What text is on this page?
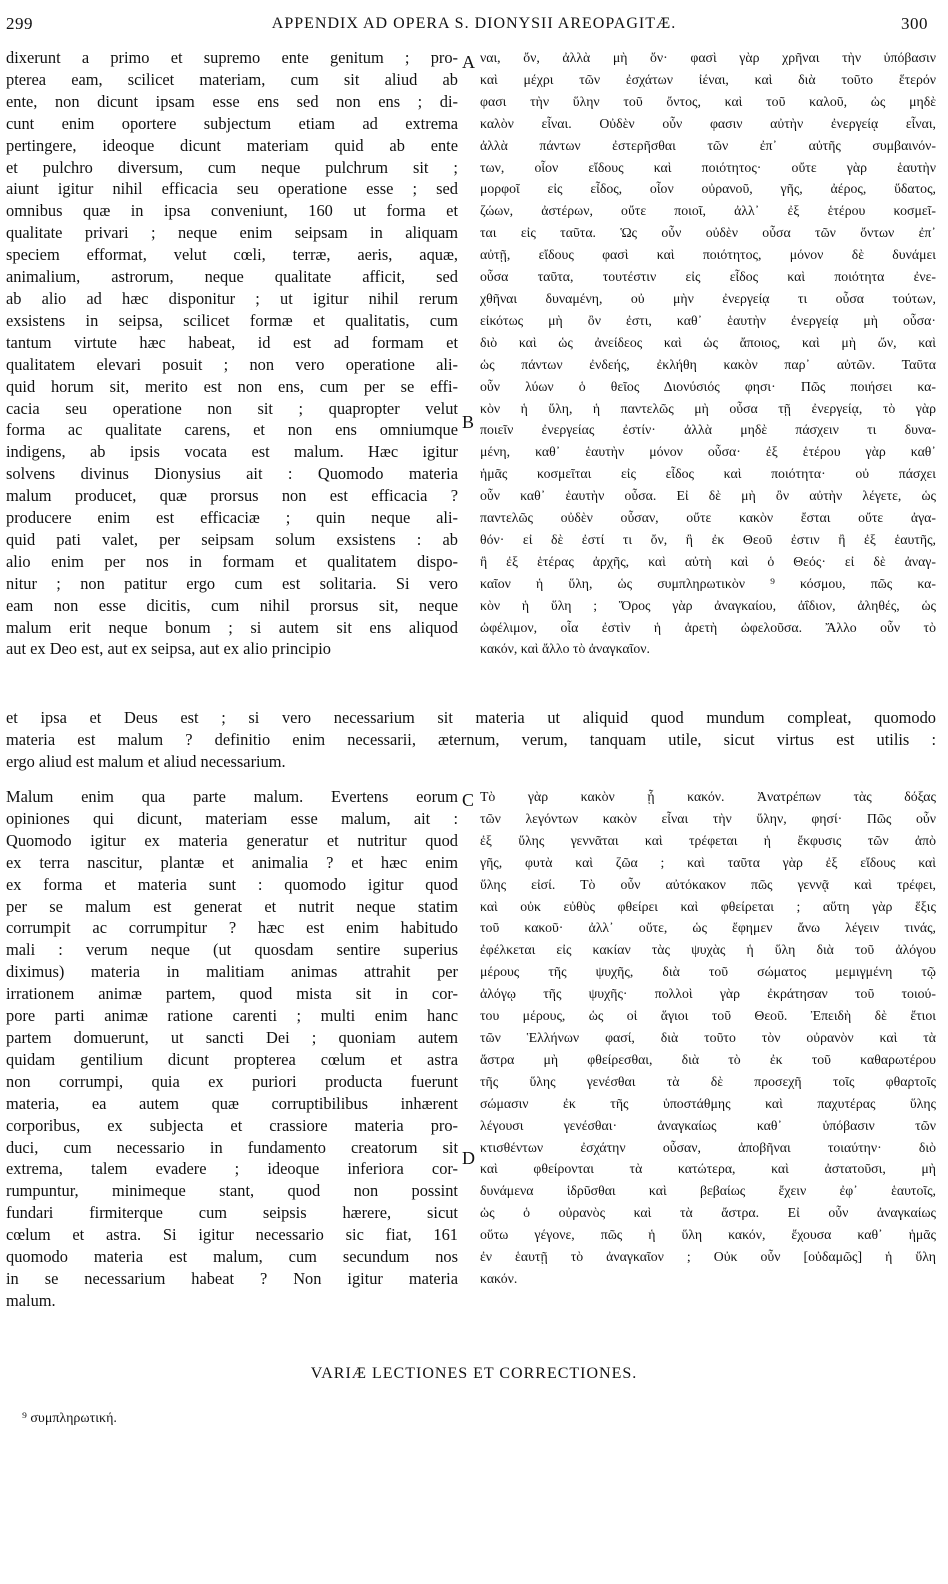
299	APPENDIX AD OPERA S. DIONYSII AREOPAGITÆ.	300
dixerunt a primo et supremo ente genitum ; pro-
pterea eam, scilicet materiam, cum sit aliud ab
ente, non dicunt ipsam esse ens sed non ens ; di-
cunt enim oportere subjectum etiam ad extrema
pertingere, ideoque dicunt materiam quid ab ente
et pulchro diversum, cum neque pulchrum sit ;
aiunt igitur nihil efficacia seu operatione esse ; sed
omnibus quæ in ipsa conveniunt, 160 ut forma et
qualitate privari ; neque enim seipsam in aliquam
speciem efformat, velut cœli, terræ, aeris, aquæ,
animalium, astrorum, neque qualitate afficit, sed
ab alio ad hæc disponitur ; ut igitur nihil rerum
exsistens in seipsa, scilicet formæ et qualitatis, cum
tantum virtute hæc habeat, id est ad formam et
qualitatem elevari posuit ; non vero operatione ali-
quid horum sit, merito est non ens, cum per se effi-
cacia seu operatione non sit ; quapropter velut
forma ac qualitate carens, et non ens omniumque
indigens, ab ipsis vocata est malum. Hæc igitur
solvens divinus Dionysius ait : Quomodo materia
malum producet, quæ prorsus non est efficacia ?
producere enim est efficaciæ ; quin neque ali-
quid pati valet, per seipsam solum exsistens : ab
alio enim per nos in formam et qualitatem dispo-
nitur ; non patitur ergo cum est solitaria. Si vero
eam non esse dicitis, cum nihil prorsus sit, neque
malum erit neque bonum ; si autem sit ens aliquod
aut ex Deo est, aut ex seipsa, aut ex alio principio
ναι, ὄν, ἀλλὰ μὴ ὄν· φασὶ γὰρ χρῆναι τὴν ὑπόβασιν
καὶ μέχρι τῶν ἐσχάτων ἰέναι, καὶ διὰ τοῦτο ἕτερόν
φασι τὴν ὕλην τοῦ ὄντος, καὶ τοῦ καλοῦ, ὡς μηδὲ
καλὸν εἶναι. Οὐδὲν οὖν φασιν αὐτὴν ἐνεργείᾳ εἶναι,
ἀλλὰ πάντων ἐστερῆσθαι τῶν ἐπ᾽ αὐτῆς συμβαινόν-
των, οἷον εἴδους καὶ ποιότητος· οὔτε γὰρ ἑαυτὴν
μορφοῖ εἰς εἶδος, οἷον οὐρανοῦ, γῆς, ἀέρος, ὕδατος,
ζώων, ἀστέρων, οὔτε ποιοῖ, ἀλλ᾽ ἐξ ἑτέρου κοσμεῖ-
ται εἰς ταῦτα. Ὡς οὖν οὐδὲν οὖσα τῶν ὄντων ἐπ᾽
αὐτῇ, εἴδους φασὶ καὶ ποιότητος, μόνον δὲ δυνάμει
οὖσα ταῦτα, τουτέστιν εἰς εἶδος καὶ ποιότητα ἐνε-
χθῆναι δυναμένη, οὐ μὴν ἐνεργείᾳ τι οὖσα τούτων,
εἰκότως μὴ ὂν ἐστι, καθ᾽ ἑαυτὴν ἐνεργείᾳ μὴ οὖσα·
διὸ καὶ ὡς ἀνείδεος καὶ ὡς ἄποιος, καὶ μὴ ὤν, καὶ
ὡς πάντων ἐνδεής, ἐκλήθη κακὸν παρ᾽ αὐτῶν. Ταῦτα
οὖν λύων ὁ θεῖος Διονύσιός φησι· Πῶς ποιήσει κα-
κὸν ἡ ὕλη, ἡ παντελῶς μὴ οὖσα τῇ ἐνεργείᾳ, τὸ γὰρ
ποιεῖν ἐνεργείας ἐστίν· ἀλλὰ μηδὲ πάσχειν τι δυνα-
μένη, καθ᾽ ἑαυτὴν μόνον οὖσα· ἐξ ἑτέρου γὰρ καθ᾽
ἡμᾶς κοσμεῖται εἰς εἶδος καὶ ποιότητα· οὐ πάσχει
οὖν καθ᾽ ἑαυτὴν οὖσα. Εἰ δὲ μὴ ὂν αὐτὴν λέγετε, ὡς
παντελῶς οὐδὲν οὖσαν, οὔτε κακὸν ἔσται οὔτε ἀγα-
θόν· εἰ δὲ ἐστί τι ὄν, ἢ ἐκ Θεοῦ ἐστιν ἢ ἐξ ἑαυτῆς,
ἢ ἐξ ἑτέρας ἀρχῆς, καὶ αὐτὴ καὶ ὁ Θεός· εἰ δὲ ἀναγ-
καῖον ἡ ὕλη, ὡς συμπληρωτικὸν ⁹ κόσμου, πῶς κα-
κὸν ἡ ὕλη ; Ὅρος γὰρ ἀναγκαίου, ἀΐδιον, ἀληθές, ὡς
ὠφέλιμον, οἷα ἐστὶν ἡ ἀρετὴ ὠφελοῦσα. Ἄλλο οὖν τὸ
κακόν, καὶ ἄλλο τὸ ἀναγκαῖον.
et ipsa et Deus est ; si vero necessarium sit materia ut aliquid quod mundum compleat, quomodo
materia est malum ? definitio enim necessarii, æternum, verum, tanquam utile, sicut virtus est utilis :
ergo aliud est malum et aliud necessarium.
Malum enim qua parte malum. Evertens eorum
opiniones qui dicunt, materiam esse malum, ait :
Quomodo igitur ex materia generatur et nutritur quod
ex terra nascitur, plantæ et animalia ? et hæc enim
ex forma et materia sunt : quomodo igitur quod
per se malum est generat et nutrit neque statim
corrumpit ac corrumpitur ? hæc est enim habitudo
mali : verum neque (ut quosdam sentire superius
diximus) materia in malitiam animas attrahit per
irrationem animæ partem, quod mista sit in cor-
pore parti animæ ratione carenti ; multi enim hanc
partem domuerunt, ut sancti Dei ; quoniam autem
quidam gentilium dicunt propterea cœlum et astra
non corrumpi, quia ex puriori producta fuerunt
materia, ea autem quæ corruptibilibus inhærent
corporibus, ex subjecta et crassiore materia pro-
duci, cum necessario in fundamento creatorum sit
extrema, talem evadere ; ideoque inferiora cor-
rumpuntur, minimeque stant, quod non possint
fundari firmiterque cum seipsis hærere, sicut
cœlum et astra. Si igitur necessario sic fiat, 161
quomodo materia est malum, cum secundum nos
in se necessarium habeat ? Non igitur materia
malum.
Τὸ γὰρ κακὸν ᾗ κακόν. Ἀνατρέπων τὰς δόξας
τῶν λεγόντων κακὸν εἶναι τὴν ὕλην, φησί· Πῶς οὖν
ἐξ ὕλης γεννᾶται καὶ τρέφεται ἡ ἔκφυσις τῶν ἀπὸ
γῆς, φυτὰ καὶ ζῶα ; καὶ ταῦτα γὰρ ἐξ εἴδους καὶ
ὕλης εἰσί. Τὸ οὖν αὐτόκακον πῶς γεννᾷ καὶ τρέφει,
καὶ οὐκ εὐθὺς φθείρει καὶ φθείρεται ; αὕτη γὰρ ἕξις
τοῦ κακοῦ· ἀλλ᾽ οὔτε, ὡς ἔφημεν ἄνω λέγειν τινάς,
ἐφέλκεται εἰς κακίαν τὰς ψυχὰς ἡ ὕλη διὰ τοῦ ἀλόγου
μέρους τῆς ψυχῆς, διὰ τοῦ σώματος μεμιγμένη τῷ
ἀλόγῳ τῆς ψυχῆς· πολλοὶ γὰρ ἐκράτησαν τοῦ τοιού-
του μέρους, ὡς οἱ ἅγιοι τοῦ Θεοῦ. Ἐπειδὴ δὲ ἔτιοι
τῶν Ἑλλήνων φασί, διὰ τοῦτο τὸν οὐρανὸν καὶ τὰ
ἄστρα μὴ φθείρεσθαι, διὰ τὸ ἐκ τοῦ καθαρωτέρου
τῆς ὕλης γενέσθαι τὰ δὲ προσεχῆ τοῖς φθαρτοῖς
σώμασιν ἐκ τῆς ὑποστάθμης καὶ παχυτέρας ὕλης
λέγουσι γενέσθαι· ἀναγκαίως καθ᾽ ὑπόβασιν τῶν
κτισθέντων ἐσχάτην οὖσαν, ἀποβῆναι τοιαύτην· διὸ
καὶ φθείρονται τὰ κατώτερα, καὶ ἀστατοῦσι, μὴ
δυνάμενα ἱδρῦσθαι καὶ βεβαίως ἔχειν ἐφ᾽ ἑαυτοῖς,
ὡς ὁ οὐρανὸς καὶ τὰ ἄστρα. Εἰ οὖν ἀναγκαίως
οὕτω γέγονε, πῶς ἡ ὕλη κακόν, ἔχουσα καθ᾽ ἡμᾶς
ἐν ἑαυτῇ τὸ ἀναγκαῖον ; Οὐκ οὖν [οὐδαμῶς] ἡ ὕλη
κακόν.
A
B
C
D
VARIÆ LECTIONES ET CORRECTIONES.
⁹ συμπληρωτική.
